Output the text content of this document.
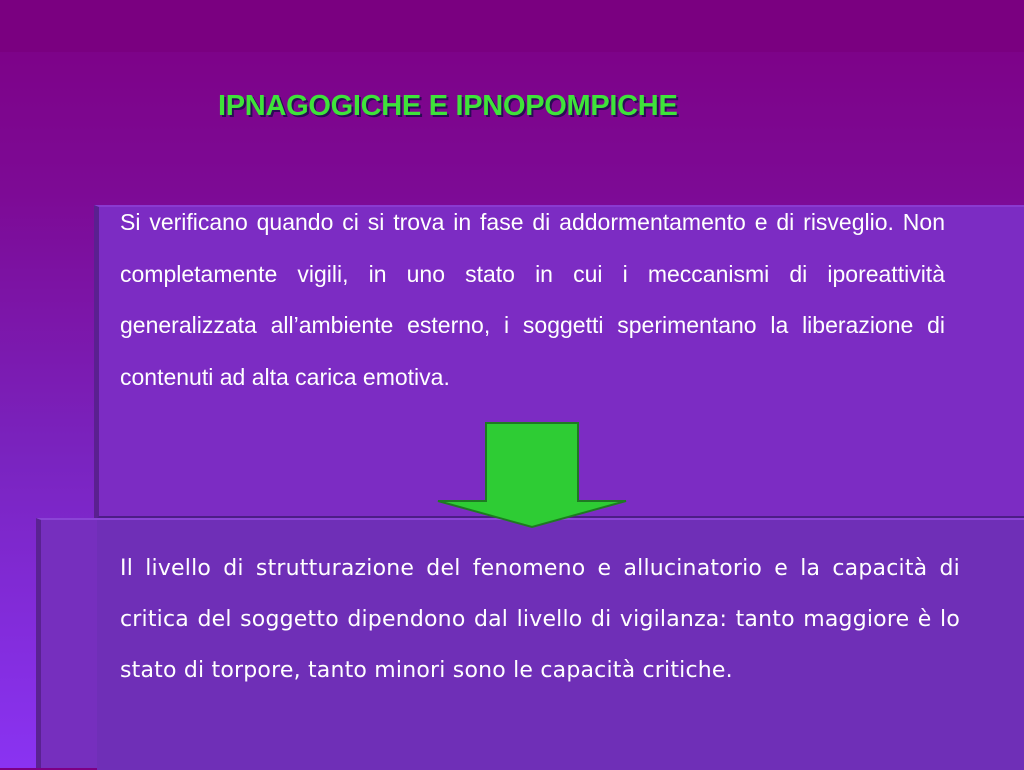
IPNAGOGICHE E IPNOPOMPICHE

Si verificano quando ci si trova in fase di addormentamento e di risveglio. Non completamente vigili, in uno stato in cui i meccanismi di iporeattività generalizzata all’ambiente esterno, i soggetti sperimentano la liberazione di contenuti ad alta carica emotiva.

Il livello di strutturazione del fenomeno e allucinatorio e la capacità di critica del soggetto dipendono dal livello di vigilanza: tanto maggiore è lo stato di torpore, tanto minori sono le capacità critiche.
